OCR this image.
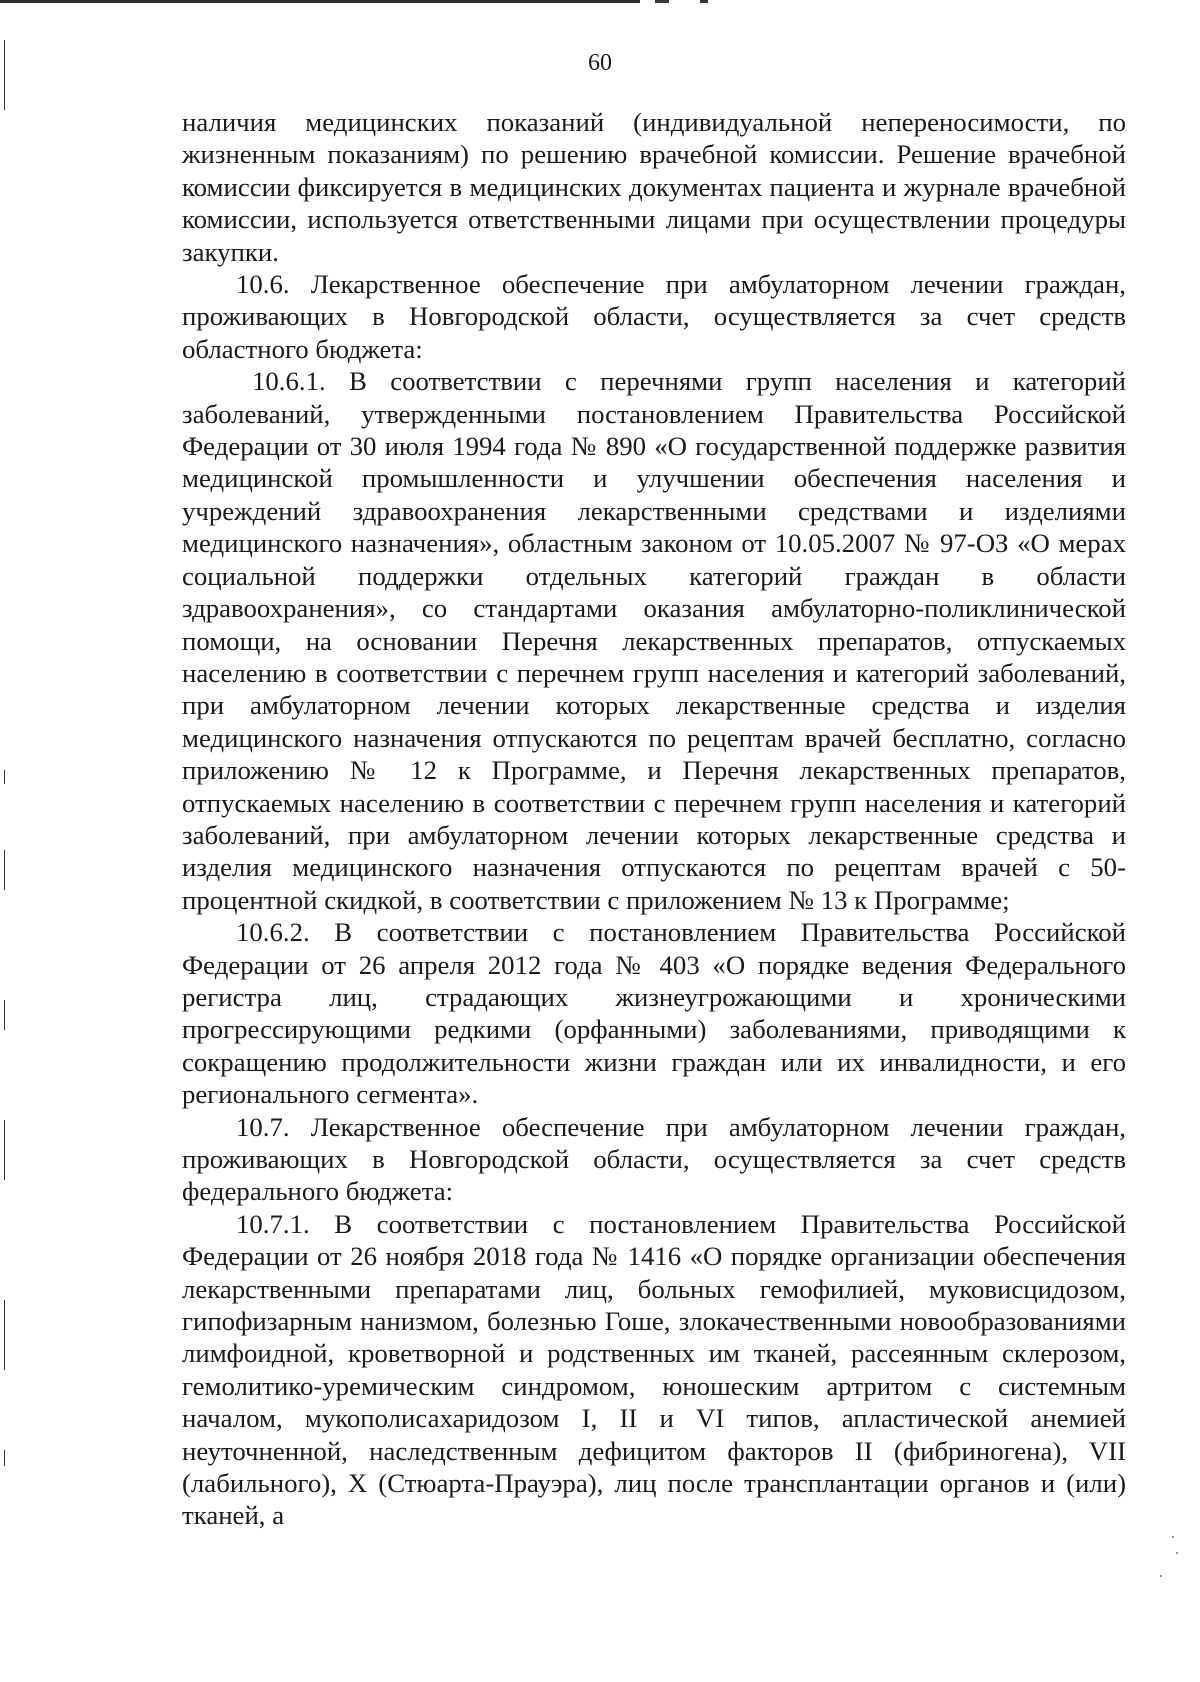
60

наличия медицинских показаний (индивидуальной непереносимости, по жизненным показаниям) по решению врачебной комиссии. Решение врачебной комиссии фиксируется в медицинских документах пациента и журнале врачебной комиссии, используется ответственными лицами при осуществлении процедуры закупки.

10.6. Лекарственное обеспечение при амбулаторном лечении граждан, проживающих в Новгородской области, осуществляется за счет средств областного бюджета:

10.6.1. В соответствии с перечнями групп населения и категорий заболеваний, утвержденными постановлением Правительства Российской Федерации от 30 июля 1994 года № 890 «О государственной поддержке развития медицинской промышленности и улучшении обеспечения населения и учреждений здравоохранения лекарственными средствами и изделиями медицинского назначения», областным законом от 10.05.2007 № 97-ОЗ «О мерах социальной поддержки отдельных категорий граждан в области здравоохранения», со стандартами оказания амбулаторно-поликлинической помощи, на основании Перечня лекарственных препаратов, отпускаемых населению в соответствии с перечнем групп населения и категорий заболеваний, при амбулаторном лечении которых лекарственные средства и изделия медицинского назначения отпускаются по рецептам врачей бесплатно, согласно приложению № 12 к Программе, и Перечня лекарственных препаратов, отпускаемых населению в соответствии с перечнем групп населения и категорий заболеваний, при амбулаторном лечении которых лекарственные средства и изделия медицинского назначения отпускаются по рецептам врачей с 50-процентной скидкой, в соответствии с приложением № 13 к Программе;

10.6.2. В соответствии с постановлением Правительства Российской Федерации от 26 апреля 2012 года № 403 «О порядке ведения Федерального регистра лиц, страдающих жизнеугрожающими и хроническими прогрессирующими редкими (орфанными) заболеваниями, приводящими к сокращению продолжительности жизни граждан или их инвалидности, и его регионального сегмента».

10.7. Лекарственное обеспечение при амбулаторном лечении граждан, проживающих в Новгородской области, осуществляется за счет средств федерального бюджета:

10.7.1. В соответствии с постановлением Правительства Российской Федерации от 26 ноября 2018 года № 1416 «О порядке организации обеспечения лекарственными препаратами лиц, больных гемофилией, муковисцидозом, гипофизарным нанизмом, болезнью Гоше, злокачественными новообразованиями лимфоидной, кроветворной и родственных им тканей, рассеянным склерозом, гемолитико-уремическим синдромом, юношеским артритом с системным началом, мукополисахаридозом I, II и VI типов, апластической анемией неуточненной, наследственным дефицитом факторов II (фибриногена), VII (лабильного), X (Стюарта-Прауэра), лиц после трансплантации органов и (или) тканей, а
